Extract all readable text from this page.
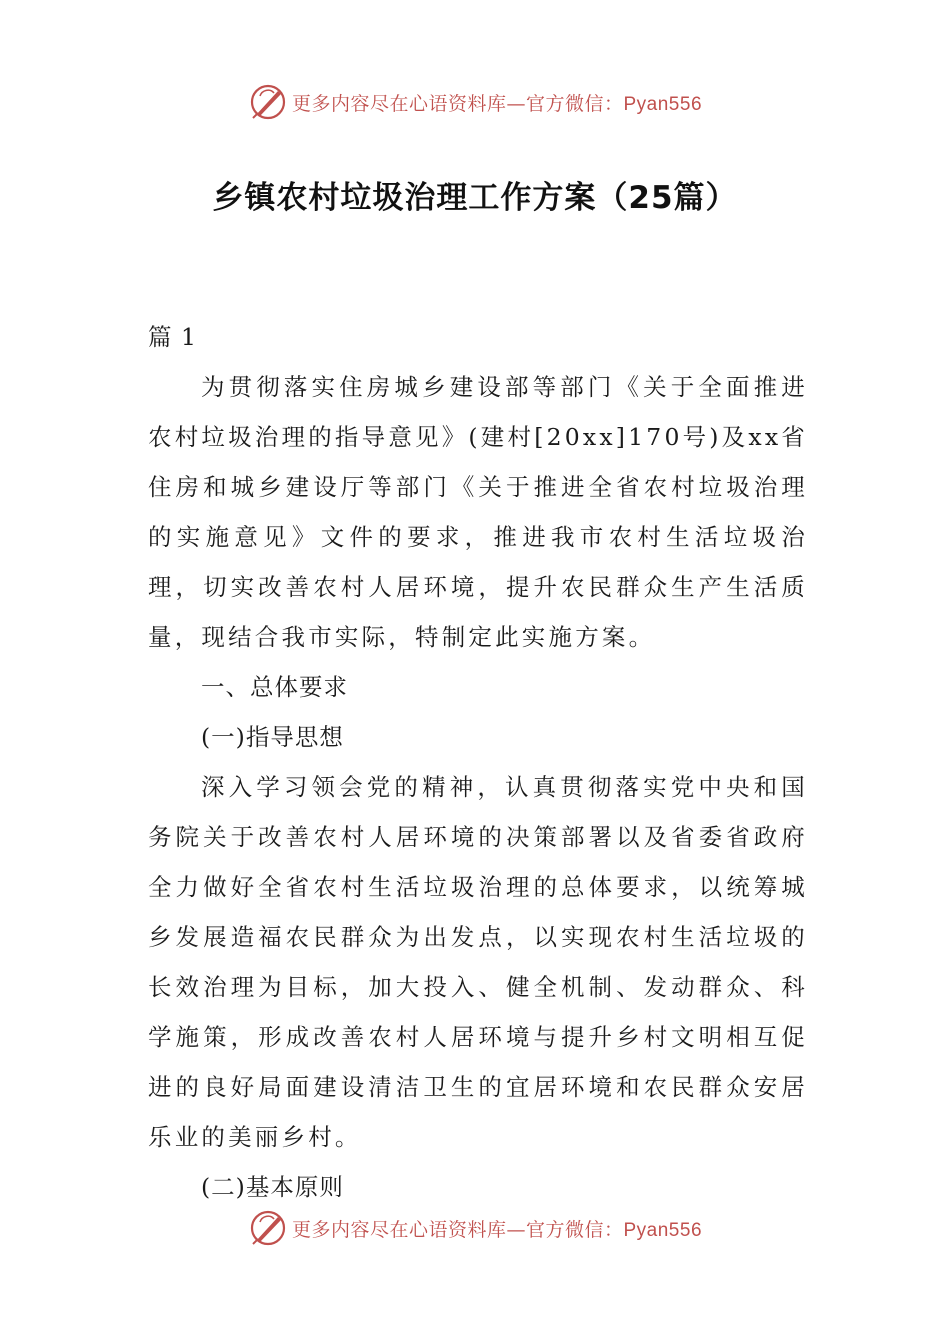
更多内容尽在心语资料库—官方微信：Pyan556
乡镇农村垃圾治理工作方案（25篇）

篇 1

为贯彻落实住房城乡建设部等部门《关于全面推进农村垃圾治理的指导意见》(建村[20xx]170号)及xx省住房和城乡建设厅等部门《关于推进全省农村垃圾治理的实施意见》文件的要求，推进我市农村生活垃圾治理，切实改善农村人居环境，提升农民群众生产生活质量，现结合我市实际，特制定此实施方案。

一、总体要求

(一)指导思想

深入学习领会党的精神，认真贯彻落实党中央和国务院关于改善农村人居环境的决策部署以及省委省政府全力做好全省农村生活垃圾治理的总体要求，以统筹城乡发展造福农民群众为出发点，以实现农村生活垃圾的长效治理为目标，加大投入、健全机制、发动群众、科学施策，形成改善农村人居环境与提升乡村文明相互促进的良好局面建设清洁卫生的宜居环境和农民群众安居乐业的美丽乡村。

(二)基本原则

更多内容尽在心语资料库—官方微信：Pyan556
